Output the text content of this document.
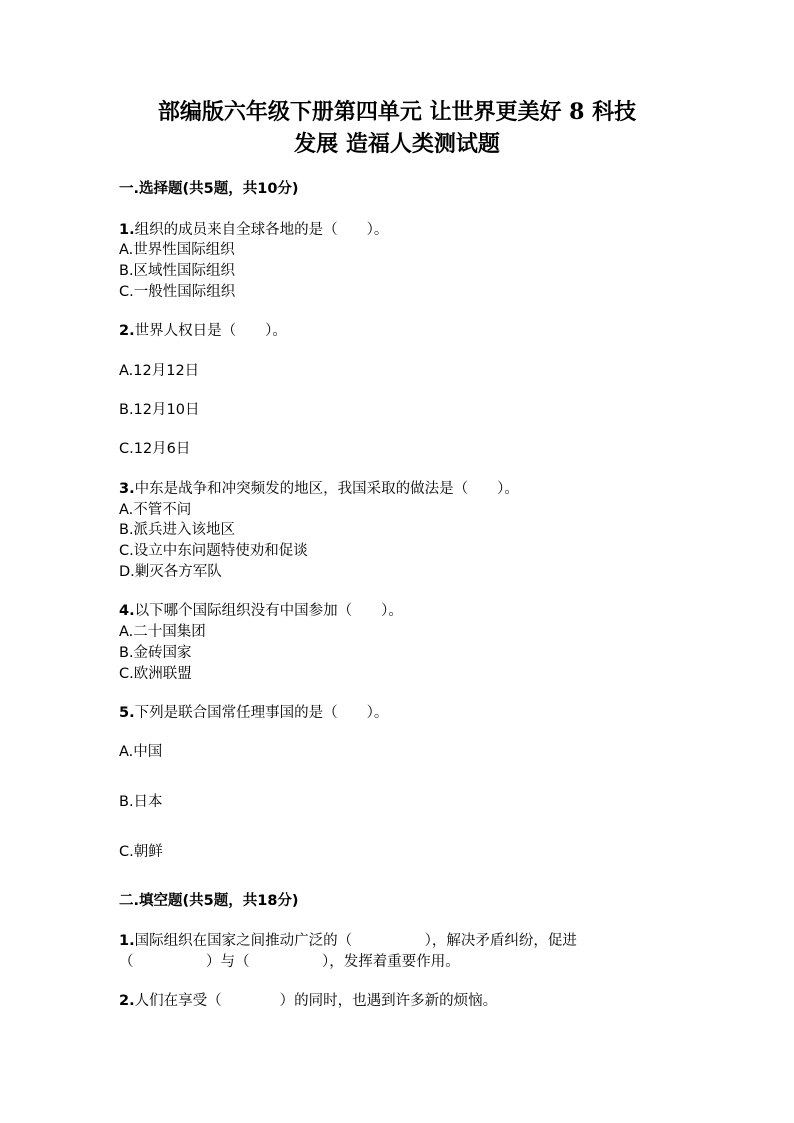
部编版六年级下册第四单元 让世界更美好 8 科技
发展 造福人类测试题
一.选择题(共5题，共10分)
1.组织的成员来自全球各地的是（　　）。
A.世界性国际组织
B.区域性国际组织
C.一般性国际组织
2.世界人权日是（　　）。
A.12月12日
B.12月10日
C.12月6日
3.中东是战争和冲突频发的地区，我国采取的做法是（　　）。
A.不管不问
B.派兵进入该地区
C.设立中东问题特使劝和促谈
D.剿灭各方军队
4.以下哪个国际组织没有中国参加（　　）。
A.二十国集团
B.金砖国家
C.欧洲联盟
5.下列是联合国常任理事国的是（　　）。
A.中国
B.日本
C.朝鲜
二.填空题(共5题，共18分)
1.国际组织在国家之间推动广泛的（　　　　　），解决矛盾纠纷，促进
（　　　　　）与（　　　　　），发挥着重要作用。
2.人们在享受（　　　　）的同时，也遇到许多新的烦恼。
